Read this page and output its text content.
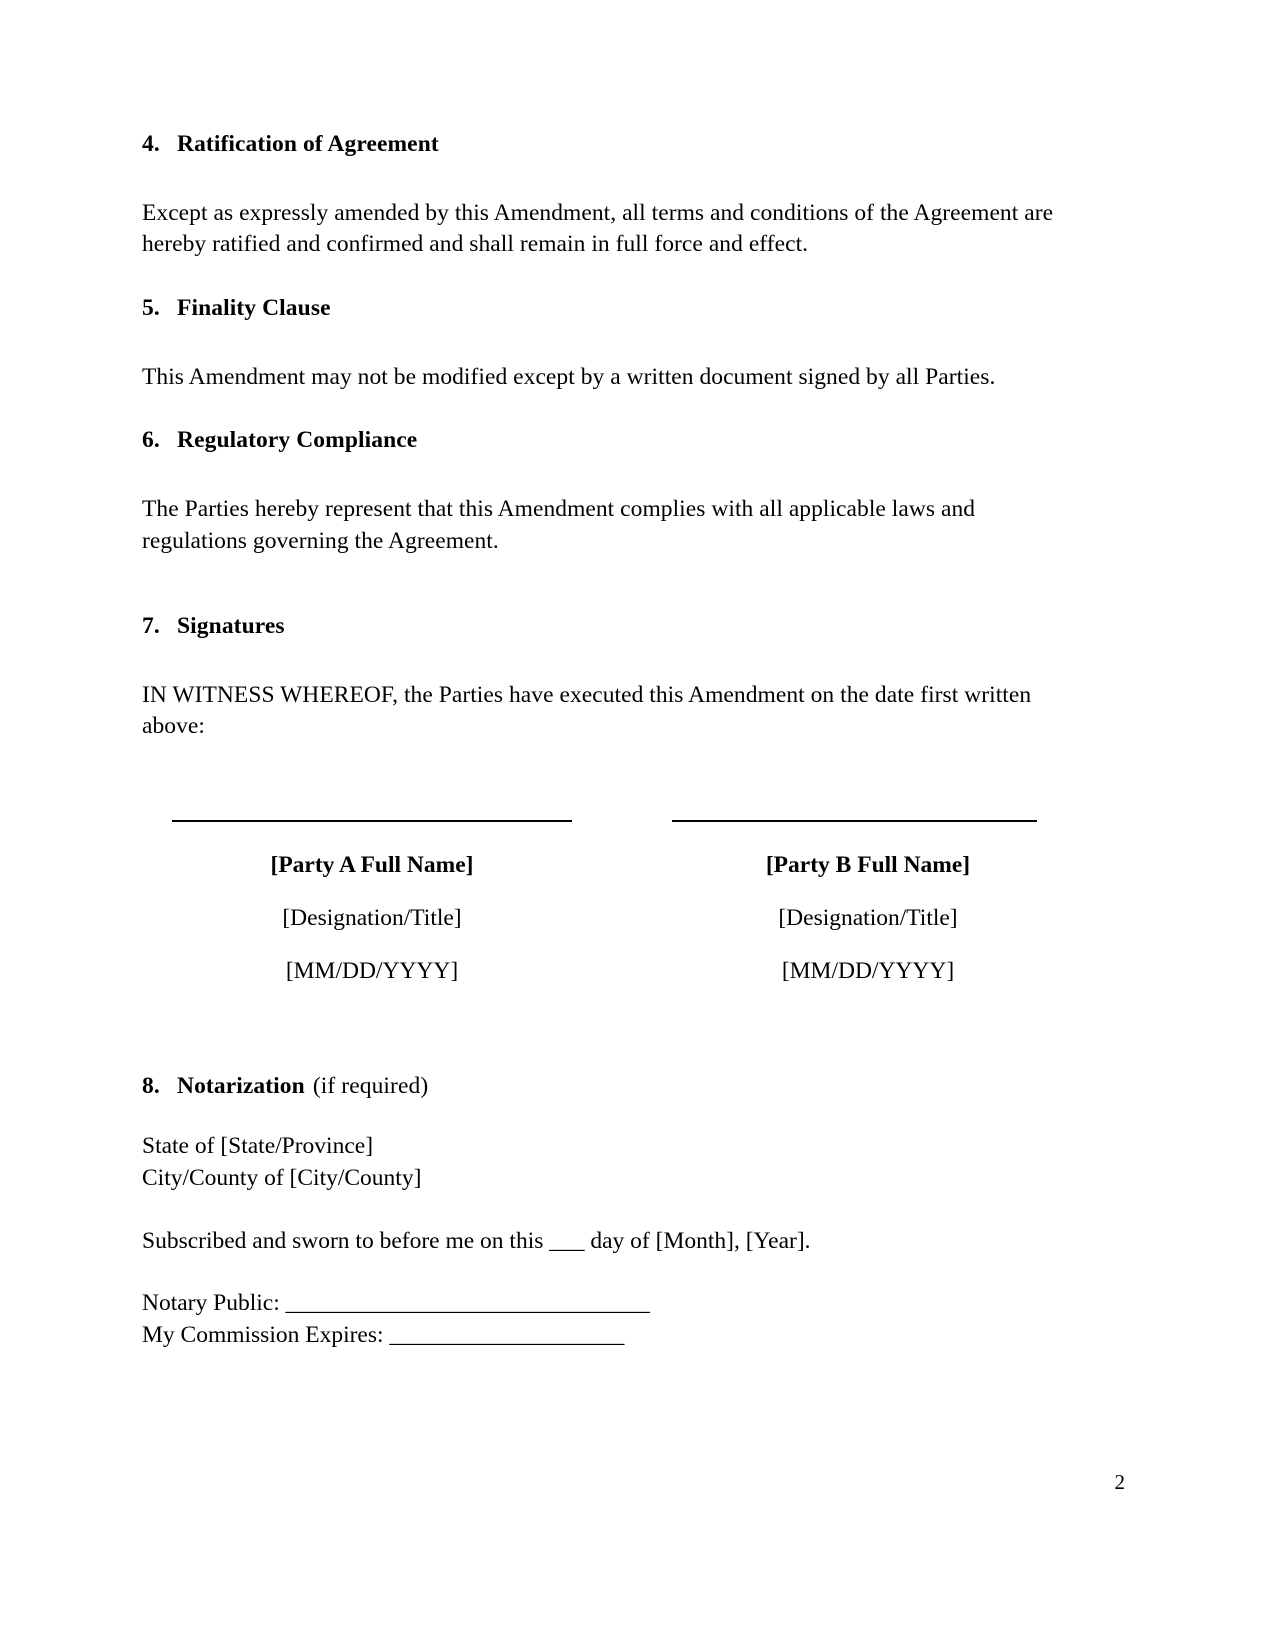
4. Ratification of Agreement
Except as expressly amended by this Amendment, all terms and conditions of the Agreement are hereby ratified and confirmed and shall remain in full force and effect.
5. Finality Clause
This Amendment may not be modified except by a written document signed by all Parties.
6. Regulatory Compliance
The Parties hereby represent that this Amendment complies with all applicable laws and regulations governing the Agreement.
7. Signatures
IN WITNESS WHEREOF, the Parties have executed this Amendment on the date first written above:
[Party A Full Name]
[Designation/Title]
[MM/DD/YYYY]
[Party B Full Name]
[Designation/Title]
[MM/DD/YYYY]
8. Notarization (if required)
State of [State/Province]
City/County of [City/County]
Subscribed and sworn to before me on this ___ day of [Month], [Year].
Notary Public: _______________________________
My Commission Expires: ____________________
2
